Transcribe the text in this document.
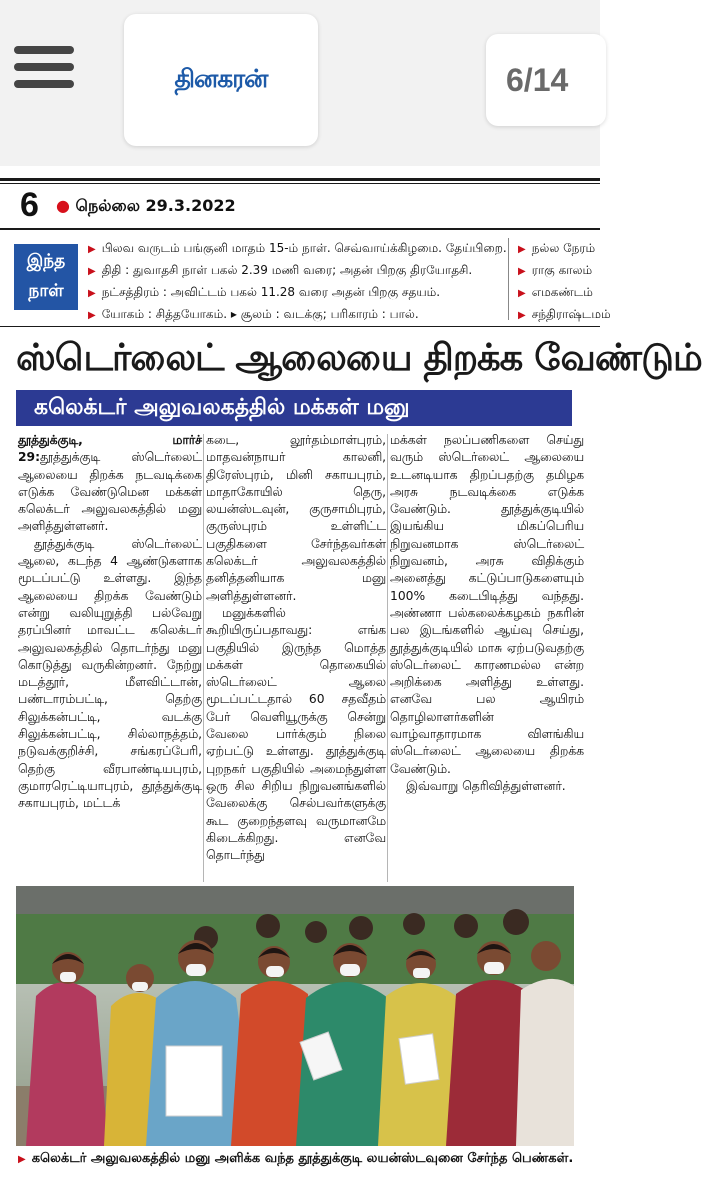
தினகரன்	6/14
6 ● நெல்லை 29.3.2022
இந்த
நாள்
▶ பிலவ வருடம் பங்குனி மாதம் 15-ம் நாள். செவ்வாய்க்கிழமை. தேய்பிறை.
▶ திதி : துவாதசி நாள் பகல் 2.39 மணி வரை; அதன் பிறகு திரயோதசி.
▶ நட்சத்திரம் : அவிட்டம் பகல் 11.28 வரை அதன் பிறகு சதயம்.
▶ யோகம் : சித்தயோகம். ▸ சூலம் : வடக்கு; பரிகாரம் : பால்.
▶ நல்ல நேரம்
▶ ராகு காலம்
▶ எமகண்டம்
▶ சந்திராஷ்டமம்
ஸ்டெர்லைட் ஆலையை திறக்க வேண்டும்
கலெக்டர் அலுவலகத்தில் மக்கள் மனு

தூத்துக்குடி, மார்ச் 29:தூத்துக்குடி ஸ்டெர்லைட் ஆலையை திறக்க நடவடிக்கை எடுக்க வேண்டுமென மக்கள் கலெக்டர் அலுவலகத்தில் மனு அளித்துள்ளனர்.

தூத்துக்குடி ஸ்டெர்லைட் ஆலை, கடந்த 4 ஆண்டுகளாக மூடப்பட்டு உள்ளது. இந்த ஆலையை திறக்க வேண்டும் என்று வலியுறுத்தி பல்வேறு தரப்பினர் மாவட்ட கலெக்டர் அலுவலகத்தில் தொடர்ந்து மனு கொடுத்து வருகின்றனர். நேற்று மடத்தூர், மீளவிட்டான், பண்டாரம்பட்டி, தெற்கு சிலுக்கன்பட்டி, வடக்கு சிலுக்கன்பட்டி, சில்லாநத்தம், நடுவக்குறிச்சி, சங்கரப்பேரி, தெற்கு வீரபாண்டியபுரம், குமாரரெட்டியாபுரம், தூத்துக்குடி சகாயபுரம், மட்டக்

கடை, லூர்தம்மாள்புரம், மாதவன்நாயர் காலனி, திரேஸ்புரம், மினி சகாயபுரம், மாதாகோயில் தெரு, லயன்ஸ்டவுன், குருசாமிபுரம், குருஸ்புரம் உள்ளிட்ட பகுதிகளை சேர்ந்தவர்கள் கலெக்டர் அலுவலகத்தில் தனித்தனியாக மனு அளித்துள்ளனர்.

மனுக்களில் கூறியிருப்பதாவது: எங்க பகுதியில் இருந்த மொத்த மக்கள் தொகையில் ஸ்டெர்லைட் ஆலை மூடப்பட்டதால் 60 சதவீதம் பேர் வெளியூருக்கு சென்று வேலை பார்க்கும் நிலை ஏற்பட்டு உள்ளது. தூத்துக்குடி புறநகர் பகுதியில் அமைந்துள்ள ஒரு சில சிறிய நிறுவனங்களில் வேலைக்கு செல்பவர்களுக்கு கூட குறைந்தளவு வருமானமே கிடைக்கிறது. எனவே தொடர்ந்து

மக்கள் நலப்பணிகளை செய்து வரும் ஸ்டெர்லைட் ஆலையை உடனடியாக திறப்பதற்கு தமிழக அரசு நடவடிக்கை எடுக்க வேண்டும். தூத்துக்குடியில் இயங்கிய மிகப்பெரிய நிறுவனமாக ஸ்டெர்லைட் நிறுவனம், அரசு விதிக்கும் அனைத்து கட்டுப்பாடுகளையும் 100% கடைபிடித்து வந்தது. அண்ணா பல்கலைக்கழகம் நகரின் பல இடங்களில் ஆய்வு செய்து, தூத்துக்குடியில் மாசு ஏற்படுவதற்கு ஸ்டெர்லைட் காரணமல்ல என்ற அறிக்கை அளித்து உள்ளது. எனவே பல ஆயிரம் தொழிலாளர்களின் வாழ்வாதாரமாக விளங்கிய ஸ்டெர்லைட் ஆலையை திறக்க வேண்டும்.

இவ்வாறு தெரிவித்துள்ளனர்.

▶ கலெக்டர் அலுவலகத்தில் மனு அளிக்க வந்த தூத்துக்குடி லயன்ஸ்டவுனை சேர்ந்த பெண்கள்.
